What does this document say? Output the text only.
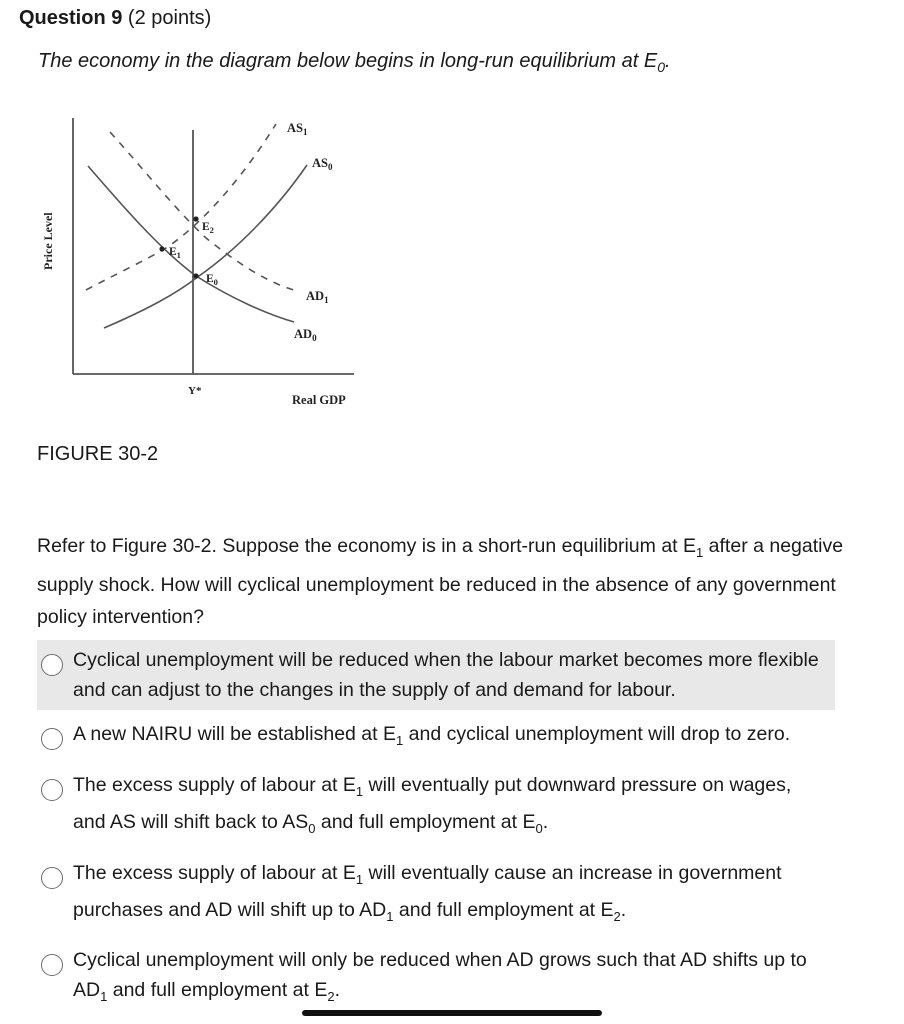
Question 9 (2 points)
The economy in the diagram below begins in long-run equilibrium at $E_0$.
Price Level
Real GDP
Y*
$AS_1$
$AS_0$
$AD_1$
$AD_0$
$E_1$
$E_2$
$E_0$
FIGURE 30-2
Refer to Figure 30-2. Suppose the economy is in a short-run equilibrium at $E_1$ after a negative supply shock. How will cyclical unemployment be reduced in the absence of any government policy intervention?
Cyclical unemployment will be reduced when the labour market becomes more flexible and can adjust to the changes in the supply of and demand for labour.
A new NAIRU will be established at $E_1$ and cyclical unemployment will drop to zero.
The excess supply of labour at $E_1$ will eventually put downward pressure on wages, and AS will shift back to $AS_0$ and full employment at $E_0$.
The excess supply of labour at $E_1$ will eventually cause an increase in government purchases and AD will shift up to $AD_1$ and full employment at $E_2$.
Cyclical unemployment will only be reduced when AD grows such that AD shifts up to $AD_1$ and full employment at $E_2$.
